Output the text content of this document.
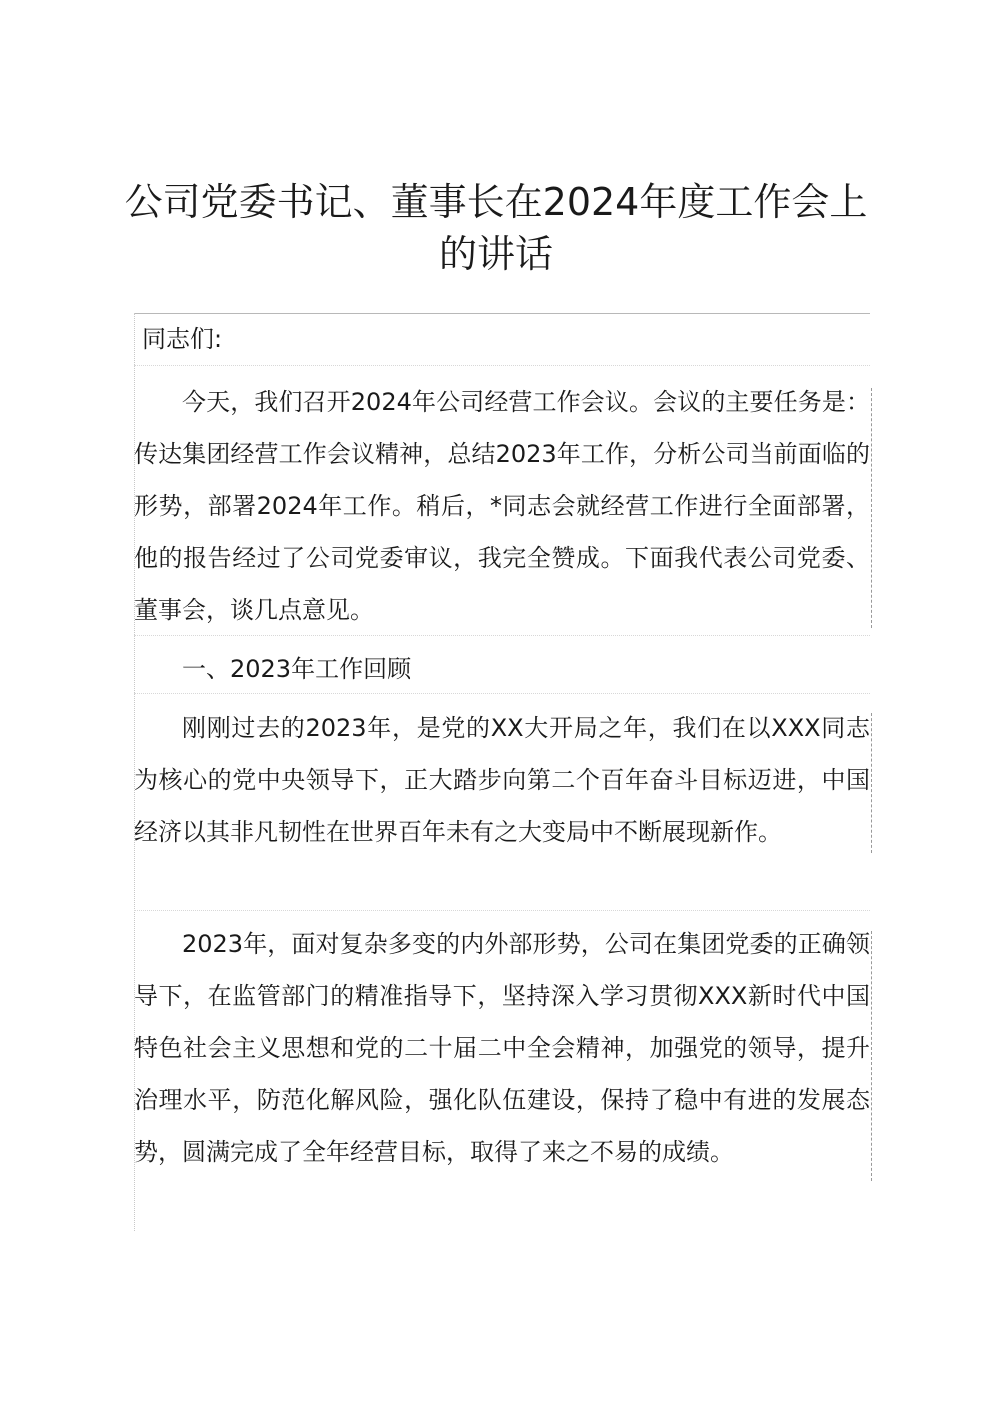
公司党委书记、董事长在2024年度工作会上的讲话

同志们:

今天，我们召开2024年公司经营工作会议。会议的主要任务是：传达集团经营工作会议精神，总结2023年工作，分析公司当前面临的形势，部署2024年工作。稍后，*同志会就经营工作进行全面部署，他的报告经过了公司党委审议，我完全赞成。下面我代表公司党委、董事会，谈几点意见。

一、2023年工作回顾

刚刚过去的2023年，是党的XX大开局之年，我们在以XXX同志为核心的党中央领导下，正大踏步向第二个百年奋斗目标迈进，中国经济以其非凡韧性在世界百年未有之大变局中不断展现新作。

2023年，面对复杂多变的内外部形势，公司在集团党委的正确领导下，在监管部门的精准指导下，坚持深入学习贯彻XXX新时代中国特色社会主义思想和党的二十届二中全会精神，加强党的领导，提升治理水平，防范化解风险，强化队伍建设，保持了稳中有进的发展态势，圆满完成了全年经营目标，取得了来之不易的成绩。
